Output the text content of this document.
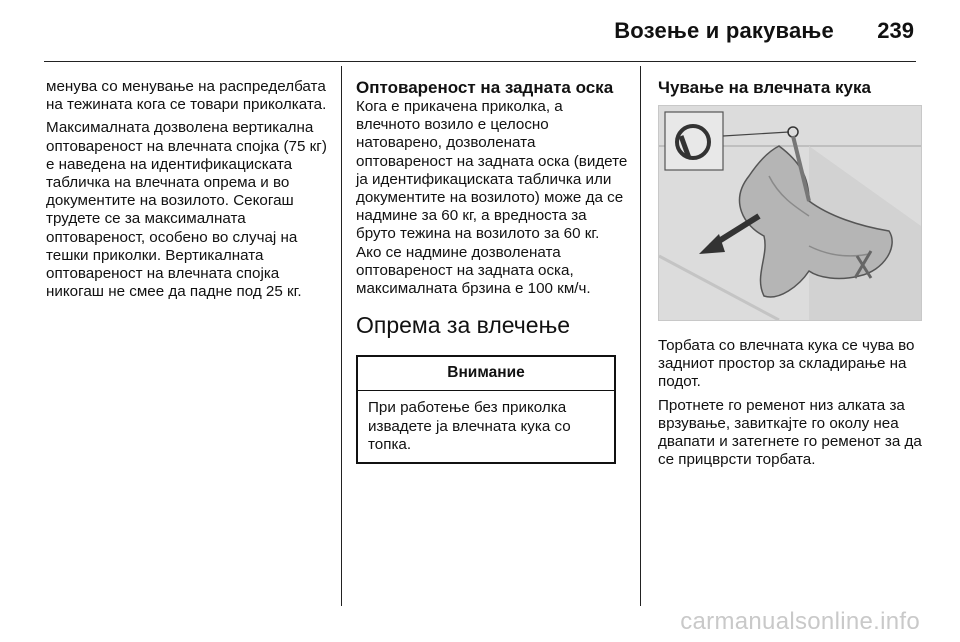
Возење и ракување 239

менува со менување на распределбата на тежината кога се товари приколката.

Максималната дозволена вертикална оптовареност на влечната спојка (75 кг) е наведена на идентификациската табличка на влечната опрема и во документите на возилото. Секогаш трудете се за максималната оптовареност, особено во случај на тешки приколки. Вертикалната оптовареност на влечната спојка никогаш не смее да падне под 25 кг.

Оптовареност на задната оска

Кога е прикачена приколка, а влечното возило е целосно натоварено, дозволената оптовареност на задната оска (видете ја идентификациската табличка или документите на возилото) може да се надмине за 60 кг, а вредноста за бруто тежина на возилото за 60 кг. Ако се надмине дозволената оптовареност на задната оска, максималната брзина е 100 км/ч.

Опрема за влечење
Внимание
При работење без приколка извадете ја влечната кука со топка.
Чување на влечната кука

Торбата со влечната кука се чува во задниот простор за складирање на подот.

Протнете го ременот низ алката за врзување, завиткајте го околу неа двапати и затегнете го ременот за да се прицврсти торбата.

carmanualsonline.info
